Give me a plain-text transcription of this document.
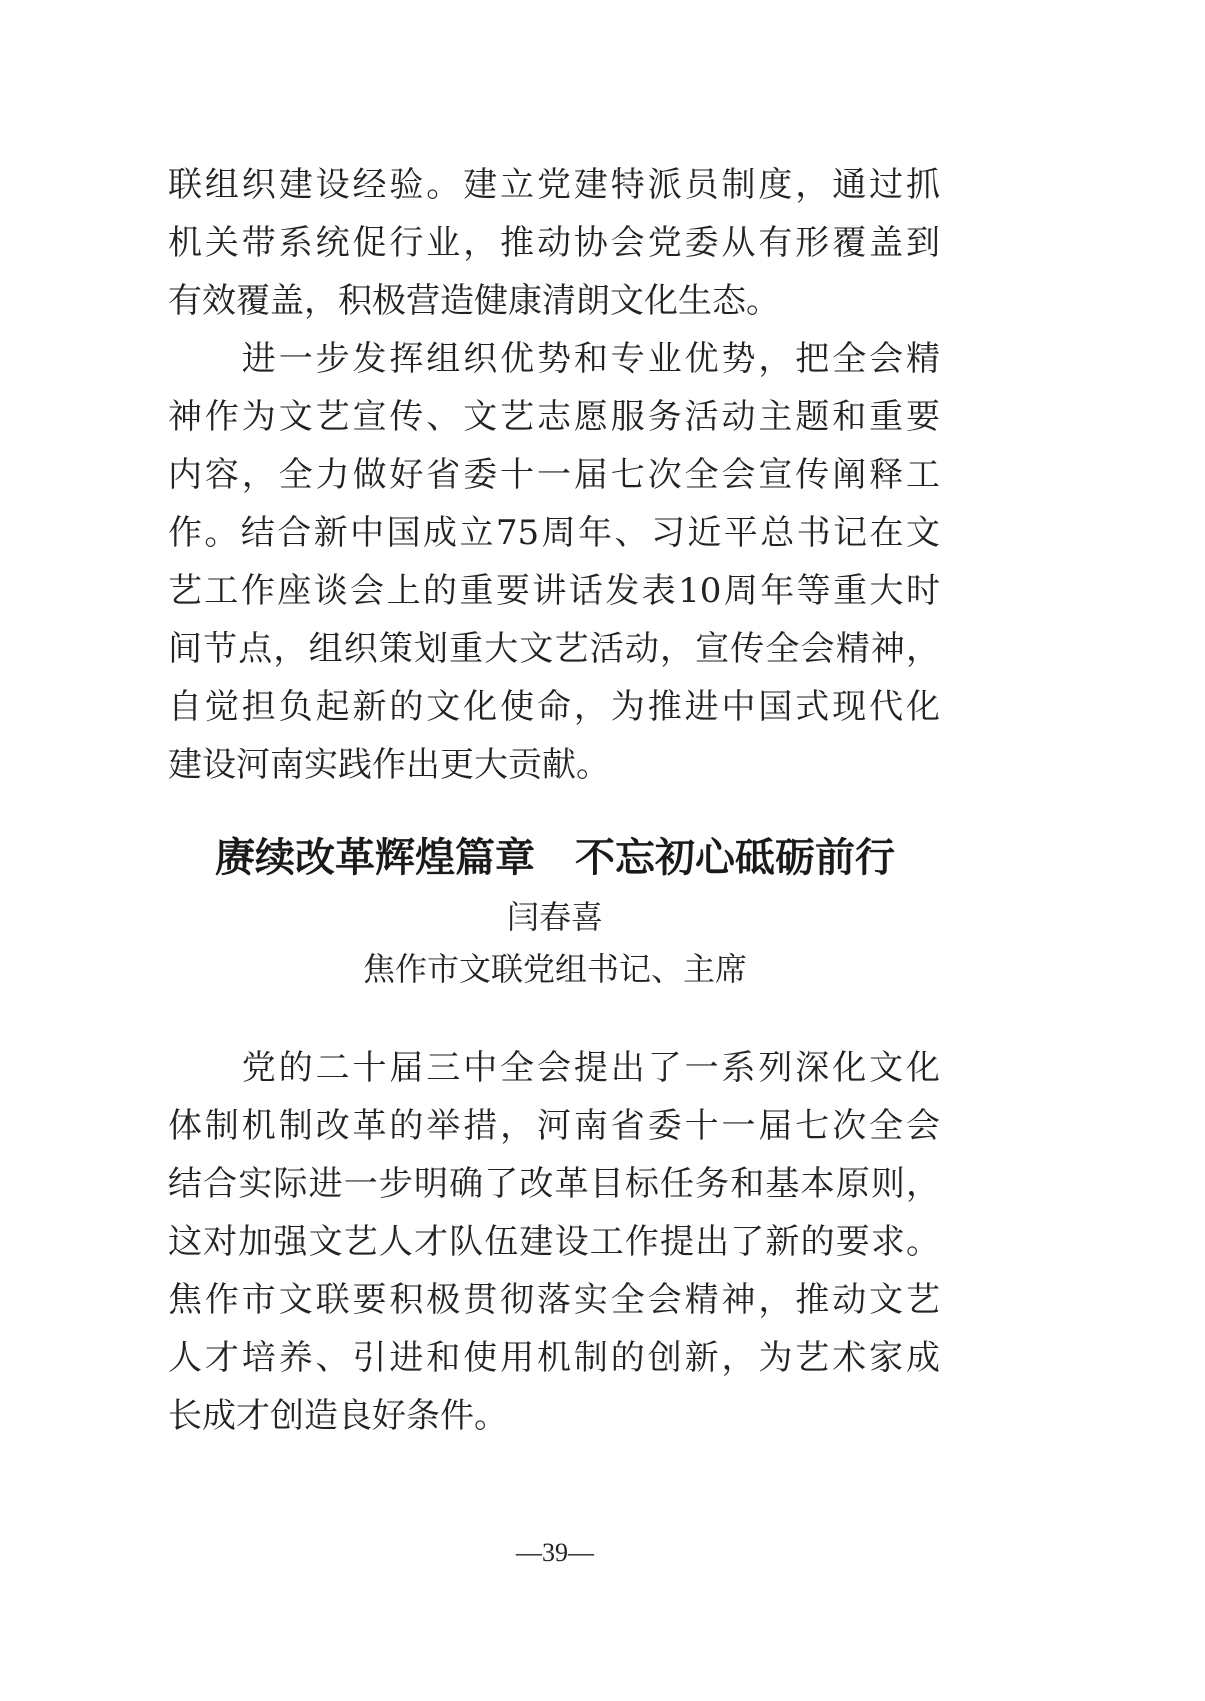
联组织建设经验。建立党建特派员制度，通过抓
机关带系统促行业，推动协会党委从有形覆盖到
有效覆盖，积极营造健康清朗文化生态。
　　进一步发挥组织优势和专业优势，把全会精
神作为文艺宣传、文艺志愿服务活动主题和重要
内容，全力做好省委十一届七次全会宣传阐释工
作。结合新中国成立75周年、习近平总书记在文
艺工作座谈会上的重要讲话发表10周年等重大时
间节点，组织策划重大文艺活动，宣传全会精神，
自觉担负起新的文化使命，为推进中国式现代化
建设河南实践作出更大贡献。
赓续改革辉煌篇章　不忘初心砥砺前行
闫春喜
焦作市文联党组书记、主席
　　党的二十届三中全会提出了一系列深化文化
体制机制改革的举措，河南省委十一届七次全会
结合实际进一步明确了改革目标任务和基本原则，
这对加强文艺人才队伍建设工作提出了新的要求。
焦作市文联要积极贯彻落实全会精神，推动文艺
人才培养、引进和使用机制的创新，为艺术家成
长成才创造良好条件。
—39—
